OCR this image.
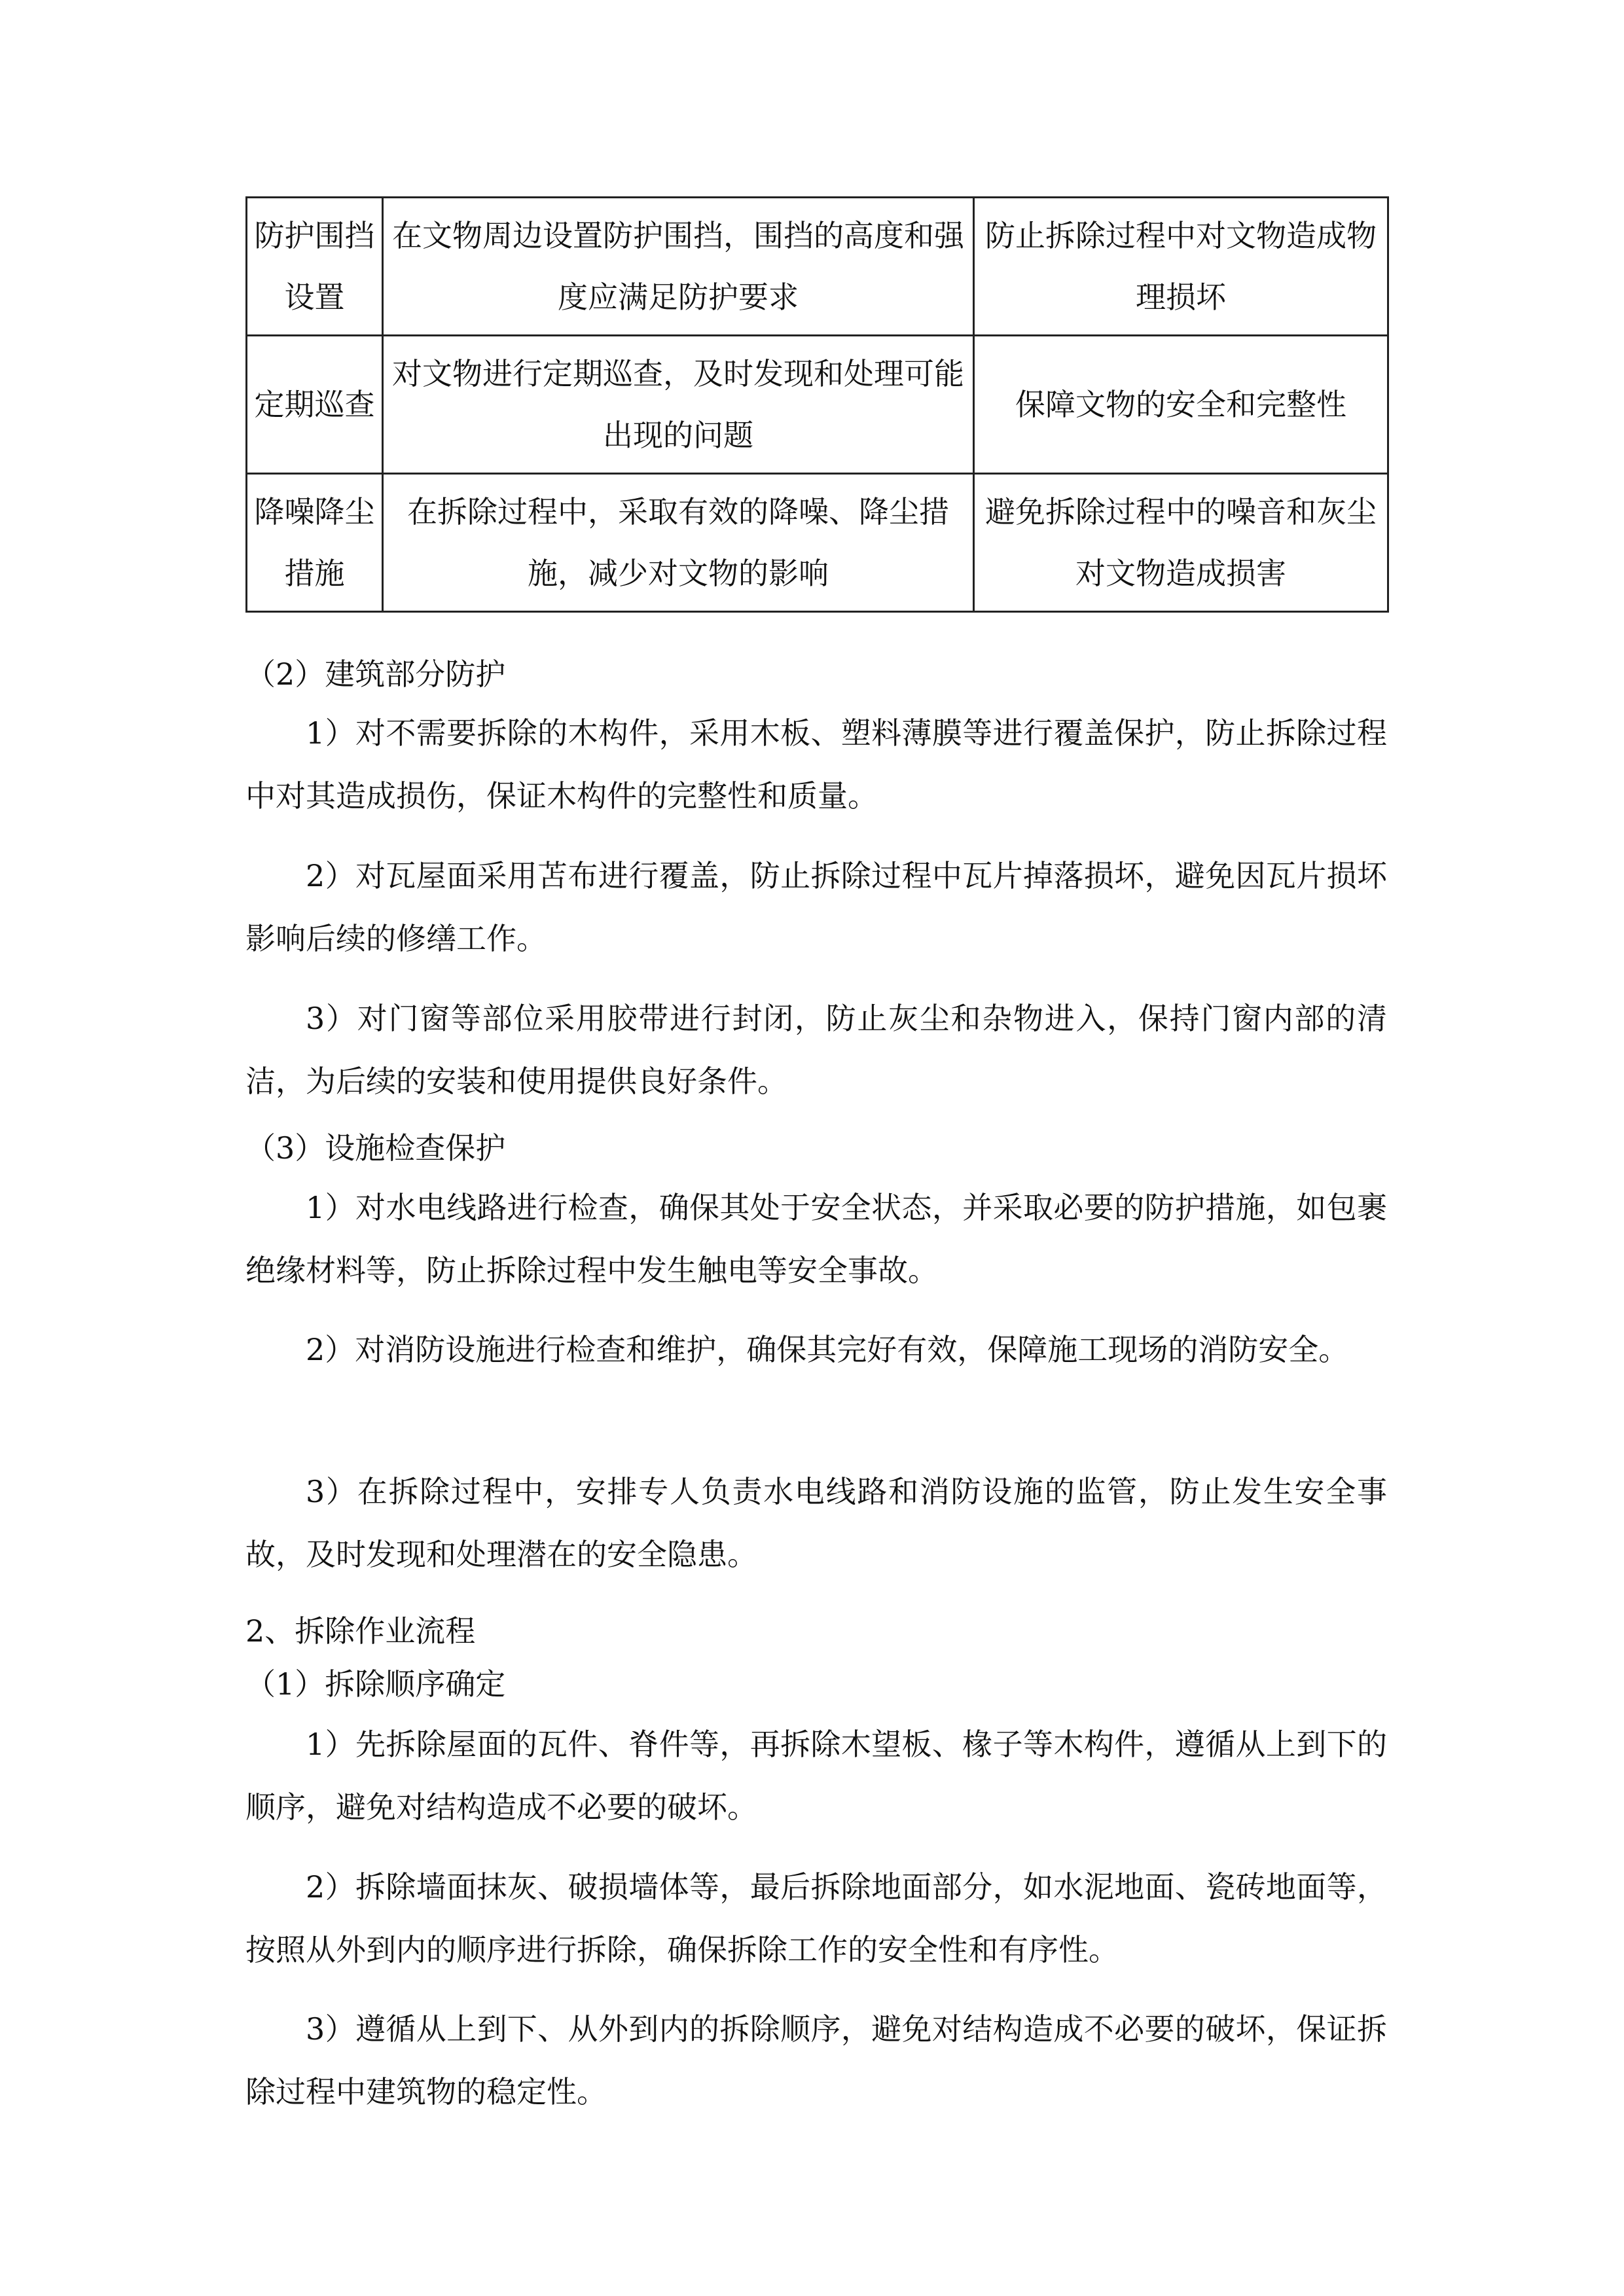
防护围挡设置	在文物周边设置防护围挡，围挡的高度和强度应满足防护要求	防止拆除过程中对文物造成物理损坏
定期巡查	对文物进行定期巡查，及时发现和处理可能出现的问题	保障文物的安全和完整性
降噪降尘措施	在拆除过程中，采取有效的降噪、降尘措施，减少对文物的影响	避免拆除过程中的噪音和灰尘对文物造成损害

（2）建筑部分防护

1）对不需要拆除的木构件，采用木板、塑料薄膜等进行覆盖保护，防止拆除过程中对其造成损伤，保证木构件的完整性和质量。

2）对瓦屋面采用苫布进行覆盖，防止拆除过程中瓦片掉落损坏，避免因瓦片损坏影响后续的修缮工作。

3）对门窗等部位采用胶带进行封闭，防止灰尘和杂物进入，保持门窗内部的清洁，为后续的安装和使用提供良好条件。

（3）设施检查保护

1）对水电线路进行检查，确保其处于安全状态，并采取必要的防护措施，如包裹绝缘材料等，防止拆除过程中发生触电等安全事故。

2）对消防设施进行检查和维护，确保其完好有效，保障施工现场的消防安全。

3）在拆除过程中，安排专人负责水电线路和消防设施的监管，防止发生安全事故，及时发现和处理潜在的安全隐患。

2、拆除作业流程

（1）拆除顺序确定

1）先拆除屋面的瓦件、脊件等，再拆除木望板、椽子等木构件，遵循从上到下的顺序，避免对结构造成不必要的破坏。

2）拆除墙面抹灰、破损墙体等，最后拆除地面部分，如水泥地面、瓷砖地面等，按照从外到内的顺序进行拆除，确保拆除工作的安全性和有序性。

3）遵循从上到下、从外到内的拆除顺序，避免对结构造成不必要的破坏，保证拆除过程中建筑物的稳定性。
